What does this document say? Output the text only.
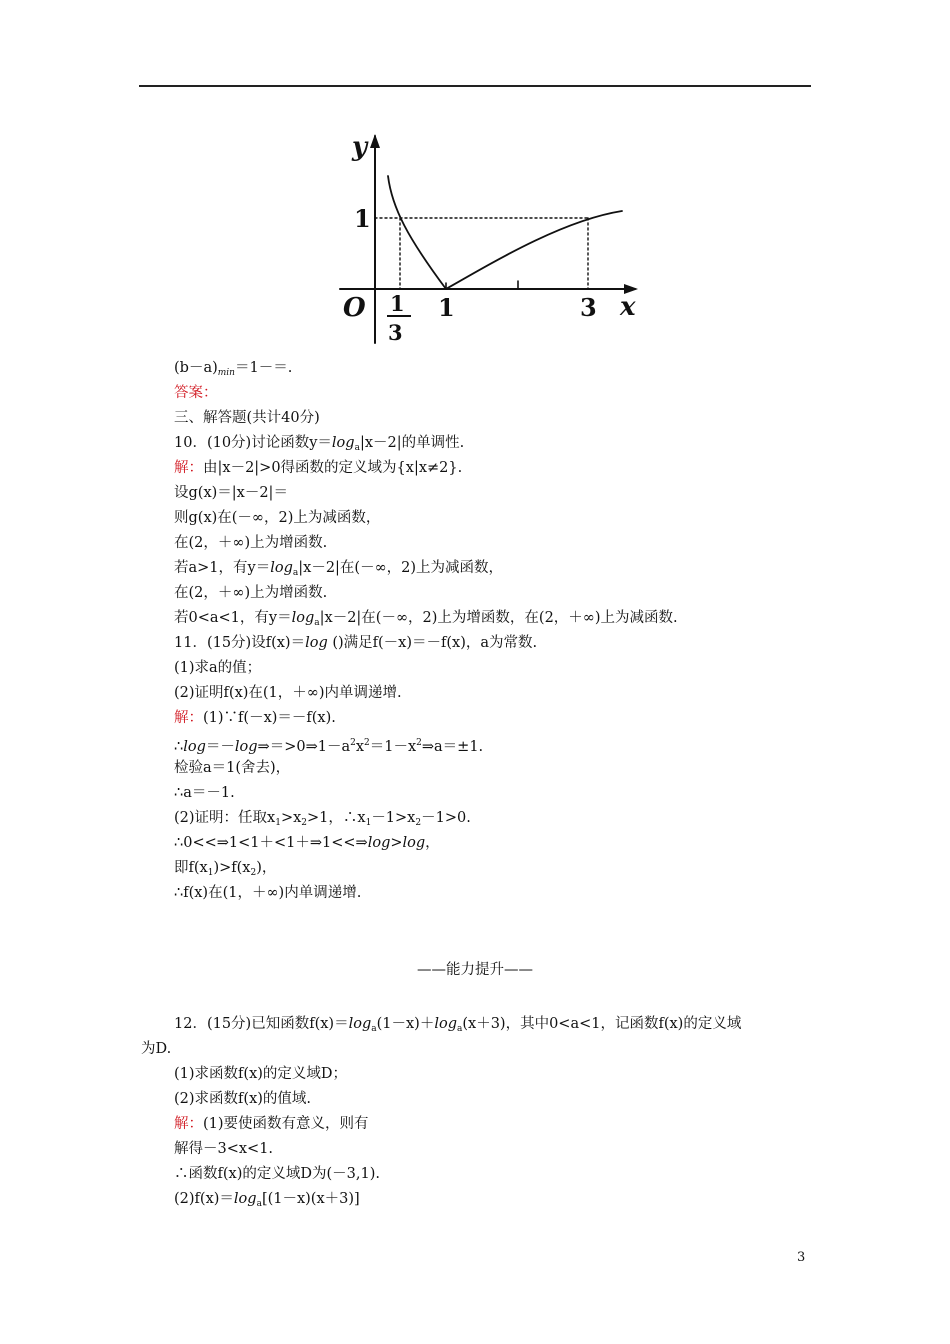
y
x
O
1
1
3
1	3
$(b-a)_{min}=1-=$.
答案：
三、解答题(共计40分)
10．(10分)讨论函数$y=\log_a|x-2|$的单调性.
解：由|x－2|>0得函数的定义域为{x|x≠2}.
设g(x)＝|x－2|＝
则g(x)在(－∞，2)上为减函数，
在(2，＋∞)上为增函数.
若a>1，有$y=\log_a|x-2|$在(－∞，2)上为减函数，
在(2，＋∞)上为增函数.
若0<a<1，有$y=\log_a|x-2|$在(－∞，2)上为增函数，在(2，＋∞)上为减函数.
11．(15分)设f(x)＝log ()满足f(－x)＝－f(x)，a为常数.
(1)求a的值；
(2)证明f(x)在(1，＋∞)内单调递增.
解：(1)∵f(－x)＝－f(x).
$\therefore\log=-\log\Rightarrow=>0\Rightarrow 1-a^2x^2=1-x^2\Rightarrow a=\pm 1$.
检验a＝1(舍去)，
∴a＝－1.
(2)证明：任取$x_1>x_2>1$，$\therefore x_1-1>x_2-1>0$.
∴0<<⇒1<1＋<1＋⇒1<<⇒log>log，
即$f(x_1)>f(x_2)$，
∴f(x)在(1，＋∞)内单调递增.
——能力提升——
12．(15分)已知函数$f(x)=\log_a(1-x)+\log_a(x+3)$，其中0<a<1，记函数f(x)的定义域
为D.
(1)求函数f(x)的定义域D；
(2)求函数f(x)的值域.
解：(1)要使函数有意义，则有
解得－3<x<1.
∴函数f(x)的定义域D为(－3,1).
$(2)f(x)=\log_a[(1-x)(x+3)]$
3
